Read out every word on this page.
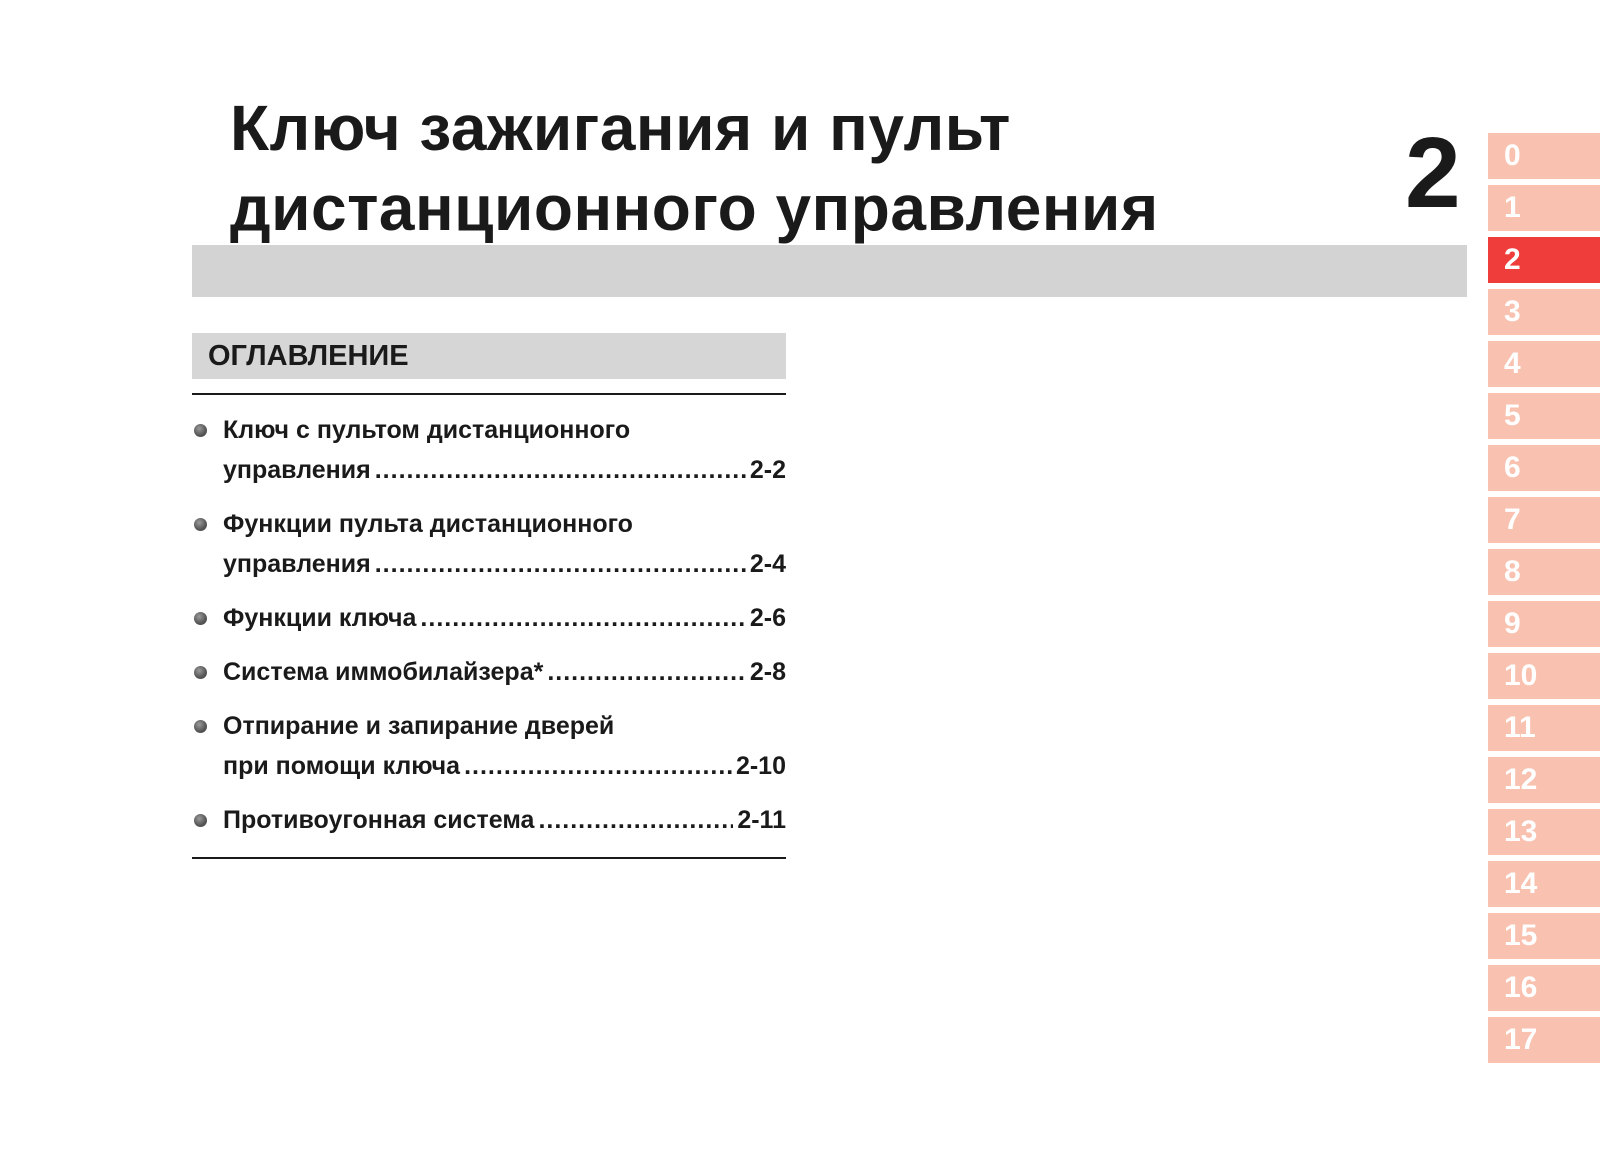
Ключ зажигания и пульт
дистанционного управления 2
ОГЛАВЛЕНИЕ
Ключ с пультом дистанционного
управления .....	2-2
Функции пульта дистанционного
управления .....	2-4
Функции ключа .....	2-6
Система иммобилайзера* .....	2-8
Отпирание и запирание дверей
при помощи ключа .....	2-10
Противоугонная система .....	2-11
0
1
2
3
4
5
6
7
8
9
10
11
12
13
14
15
16
17
